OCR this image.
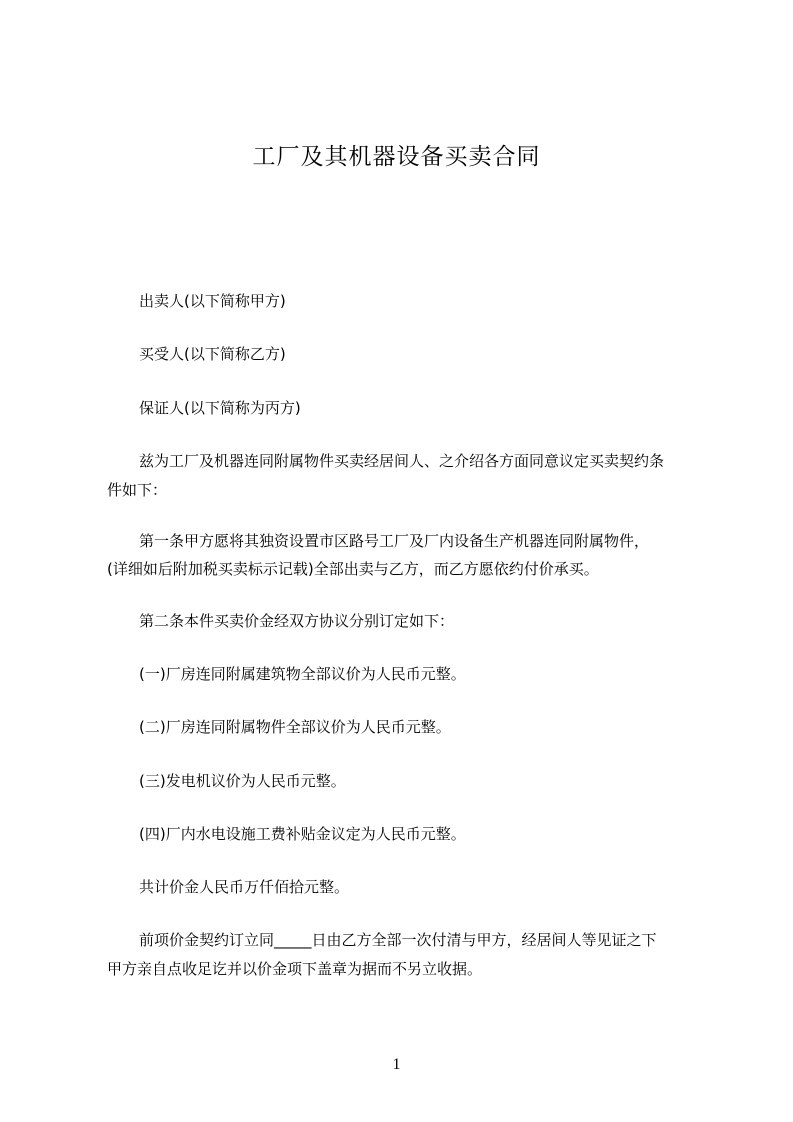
工厂及其机器设备买卖合同
出卖人(以下简称甲方)
买受人(以下简称乙方)
保证人(以下简称为丙方)
兹为工厂及机器连同附属物件买卖经居间人、之介绍各方面同意议定买卖契约条
件如下：
第一条甲方愿将其独资设置市区路号工厂及厂内设备生产机器连同附属物件，
(详细如后附加税买卖标示记载)全部出卖与乙方，而乙方愿依约付价承买。
第二条本件买卖价金经双方协议分别订定如下：
(一)厂房连同附属建筑物全部议价为人民币元整。
(二)厂房连同附属物件全部议价为人民币元整。
(三)发电机议价为人民币元整。
(四)厂内水电设施工费补贴金议定为人民币元整。
共计价金人民币万仟佰拾元整。
前项价金契约订立同_____日由乙方全部一次付清与甲方，经居间人等见证之下
甲方亲自点收足讫并以价金项下盖章为据而不另立收据。
1
